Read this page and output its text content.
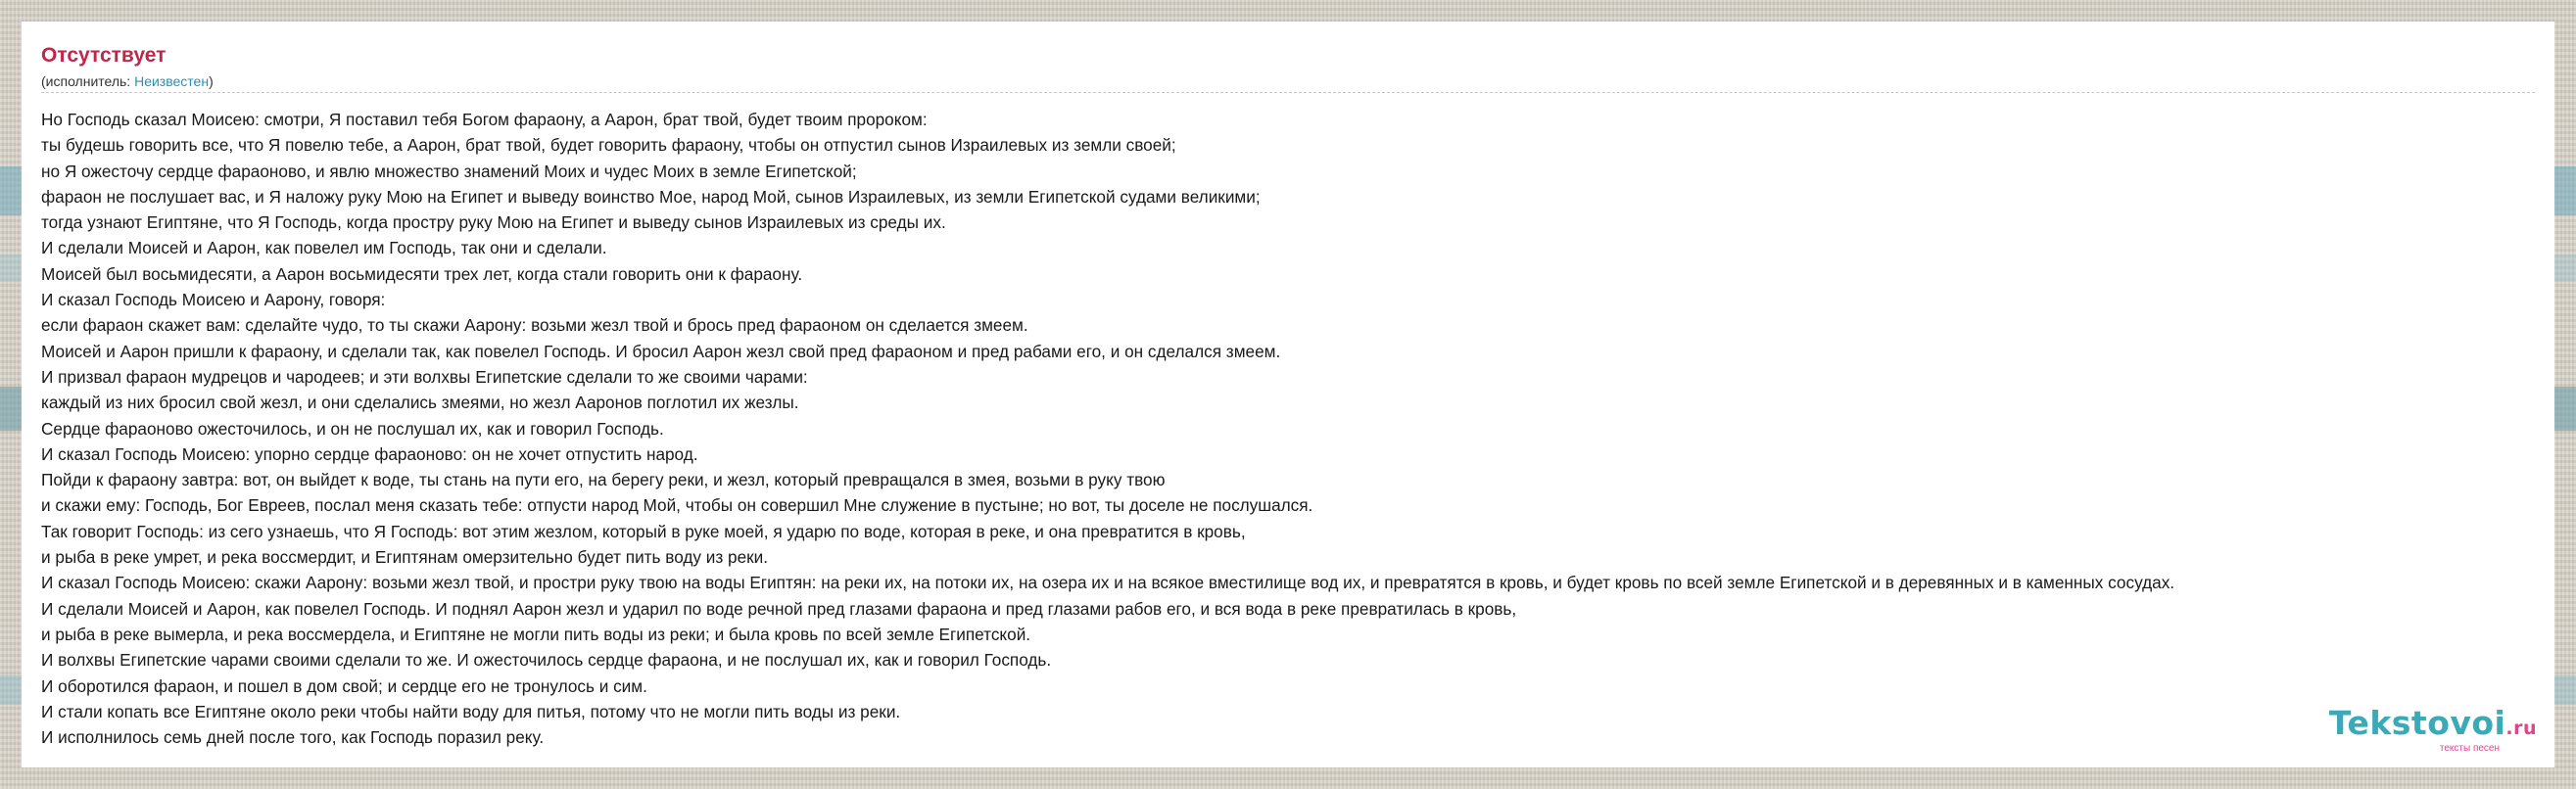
Отсутствует
(исполнитель: Неизвестен)
Но Господь сказал Моисею: смотри, Я поставил тебя Богом фараону, а Аарон, брат твой, будет твоим пророком:
ты будешь говорить все, что Я повелю тебе, а Аарон, брат твой, будет говорить фараону, чтобы он отпустил сынов Израилевых из земли своей;
но Я ожесточу сердце фараоново, и явлю множество знамений Моих и чудес Моих в земле Египетской;
фараон не послушает вас, и Я наложу руку Мою на Египет и выведу воинство Мое, народ Мой, сынов Израилевых, из земли Египетской судами великими;
тогда узнают Египтяне, что Я Господь, когда простру руку Мою на Египет и выведу сынов Израилевых из среды их.
И сделали Моисей и Аарон, как повелел им Господь, так они и сделали.
Моисей был восьмидесяти, а Аарон восьмидесяти трех лет, когда стали говорить они к фараону.
И сказал Господь Моисею и Аарону, говоря:
если фараон скажет вам: сделайте чудо, то ты скажи Аарону: возьми жезл твой и брось пред фараоном он сделается змеем.
Моисей и Аарон пришли к фараону, и сделали так, как повелел Господь. И бросил Аарон жезл свой пред фараоном и пред рабами его, и он сделался змеем.
И призвал фараон мудрецов и чародеев; и эти волхвы Египетские сделали то же своими чарами:
каждый из них бросил свой жезл, и они сделались змеями, но жезл Ааронов поглотил их жезлы.
Сердце фараоново ожесточилось, и он не послушал их, как и говорил Господь.
И сказал Господь Моисею: упорно сердце фараоново: он не хочет отпустить народ.
Пойди к фараону завтра: вот, он выйдет к воде, ты стань на пути его, на берегу реки, и жезл, который превращался в змея, возьми в руку твою
и скажи ему: Господь, Бог Евреев, послал меня сказать тебе: отпусти народ Мой, чтобы он совершил Мне служение в пустыне; но вот, ты доселе не послушался.
Так говорит Господь: из сего узнаешь, что Я Господь: вот этим жезлом, который в руке моей, я ударю по воде, которая в реке, и она превратится в кровь,
и рыба в реке умрет, и река воссмердит, и Египтянам омерзительно будет пить воду из реки.
И сказал Господь Моисею: скажи Аарону: возьми жезл твой, и простри руку твою на воды Египтян: на реки их, на потоки их, на озера их и на всякое вместилище вод их, и превратятся в кровь, и будет кровь по всей земле Египетской и в деревянных и в каменных сосудах.
И сделали Моисей и Аарон, как повелел Господь. И поднял Аарон жезл и ударил по воде речной пред глазами фараона и пред глазами рабов его, и вся вода в реке превратилась в кровь,
и рыба в реке вымерла, и река воссмердела, и Египтяне не могли пить воды из реки; и была кровь по всей земле Египетской.
И волхвы Египетские чарами своими сделали то же. И ожесточилось сердце фараона, и не послушал их, как и говорил Господь.
И оборотился фараон, и пошел в дом свой; и сердце его не тронулось и сим.
И стали копать все Египтяне около реки чтобы найти воду для питья, потому что не могли пить воды из реки.
И исполнилось семь дней после того, как Господь поразил реку.	Tekstovoi.ru
тексты песен
